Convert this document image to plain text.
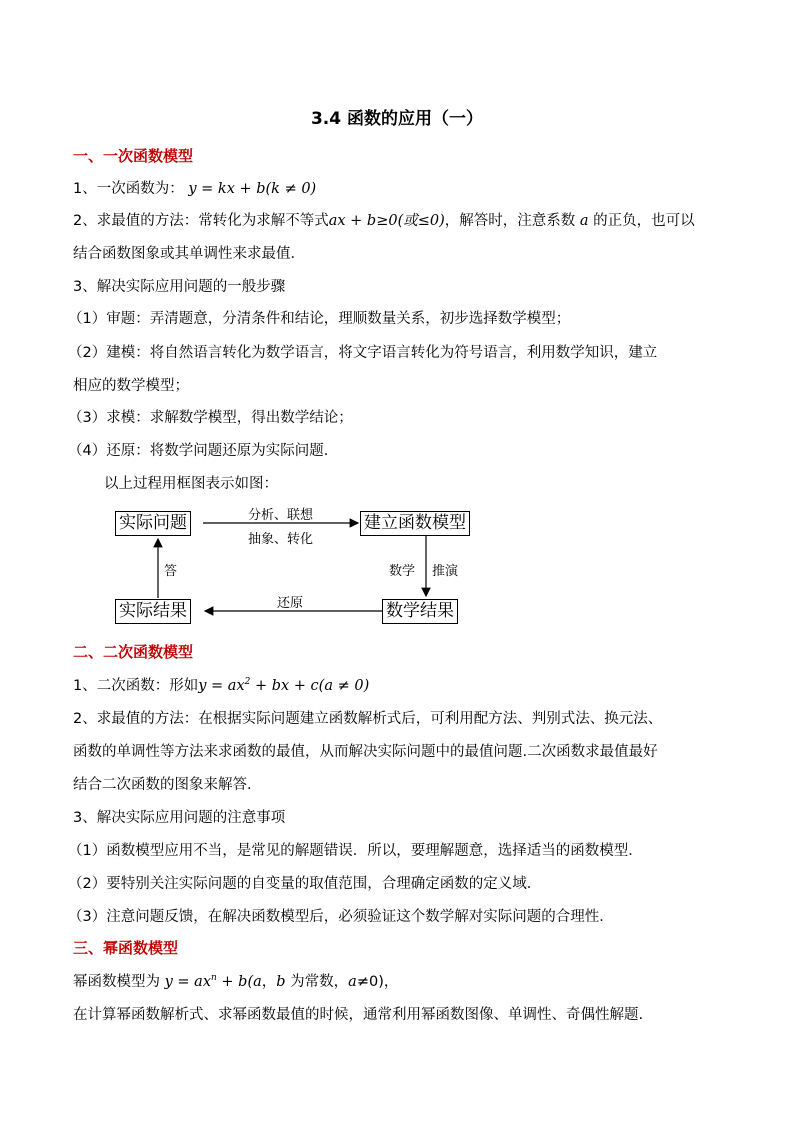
3.4 函数的应用（一）
一、一次函数模型
1、一次函数为： y = kx + b(k ≠ 0)
2、求最值的方法：常转化为求解不等式ax + b≥0(或≤0)，解答时，注意系数 a 的正负，也可以
结合函数图象或其单调性来求最值．
3、解决实际应用问题的一般步骤
（1）审题：弄清题意，分清条件和结论，理顺数量关系，初步选择数学模型；
（2）建模：将自然语言转化为数学语言，将文字语言转化为符号语言，利用数学知识，建立
相应的数学模型；
（3）求模：求解数学模型，得出数学结论；
（4）还原：将数学问题还原为实际问题．
以上过程用框图表示如图：
实际问题	建立函数模型
实际结果	数学结果
分析、联想
抽象、转化
数学 推演
还原
答
二、二次函数模型
1、二次函数：形如$y = ax^2$ + bx + c(a ≠ 0)
2、求最值的方法：在根据实际问题建立函数解析式后，可利用配方法、判别式法、换元法、
函数的单调性等方法来求函数的最值，从而解决实际问题中的最值问题.二次函数求最值最好
结合二次函数的图象来解答.
3、解决实际应用问题的注意事项
（1）函数模型应用不当，是常见的解题错误．所以，要理解题意，选择适当的函数模型．
（2）要特别关注实际问题的自变量的取值范围，合理确定函数的定义域．
（3）注意问题反馈，在解决函数模型后，必须验证这个数学解对实际问题的合理性．
三、幂函数模型
幂函数模型为 $y = ax^n + b(a$，b 为常数，a≠0)，
在计算幂函数解析式、求幂函数最值的时候，通常利用幂函数图像、单调性、奇偶性解题.
